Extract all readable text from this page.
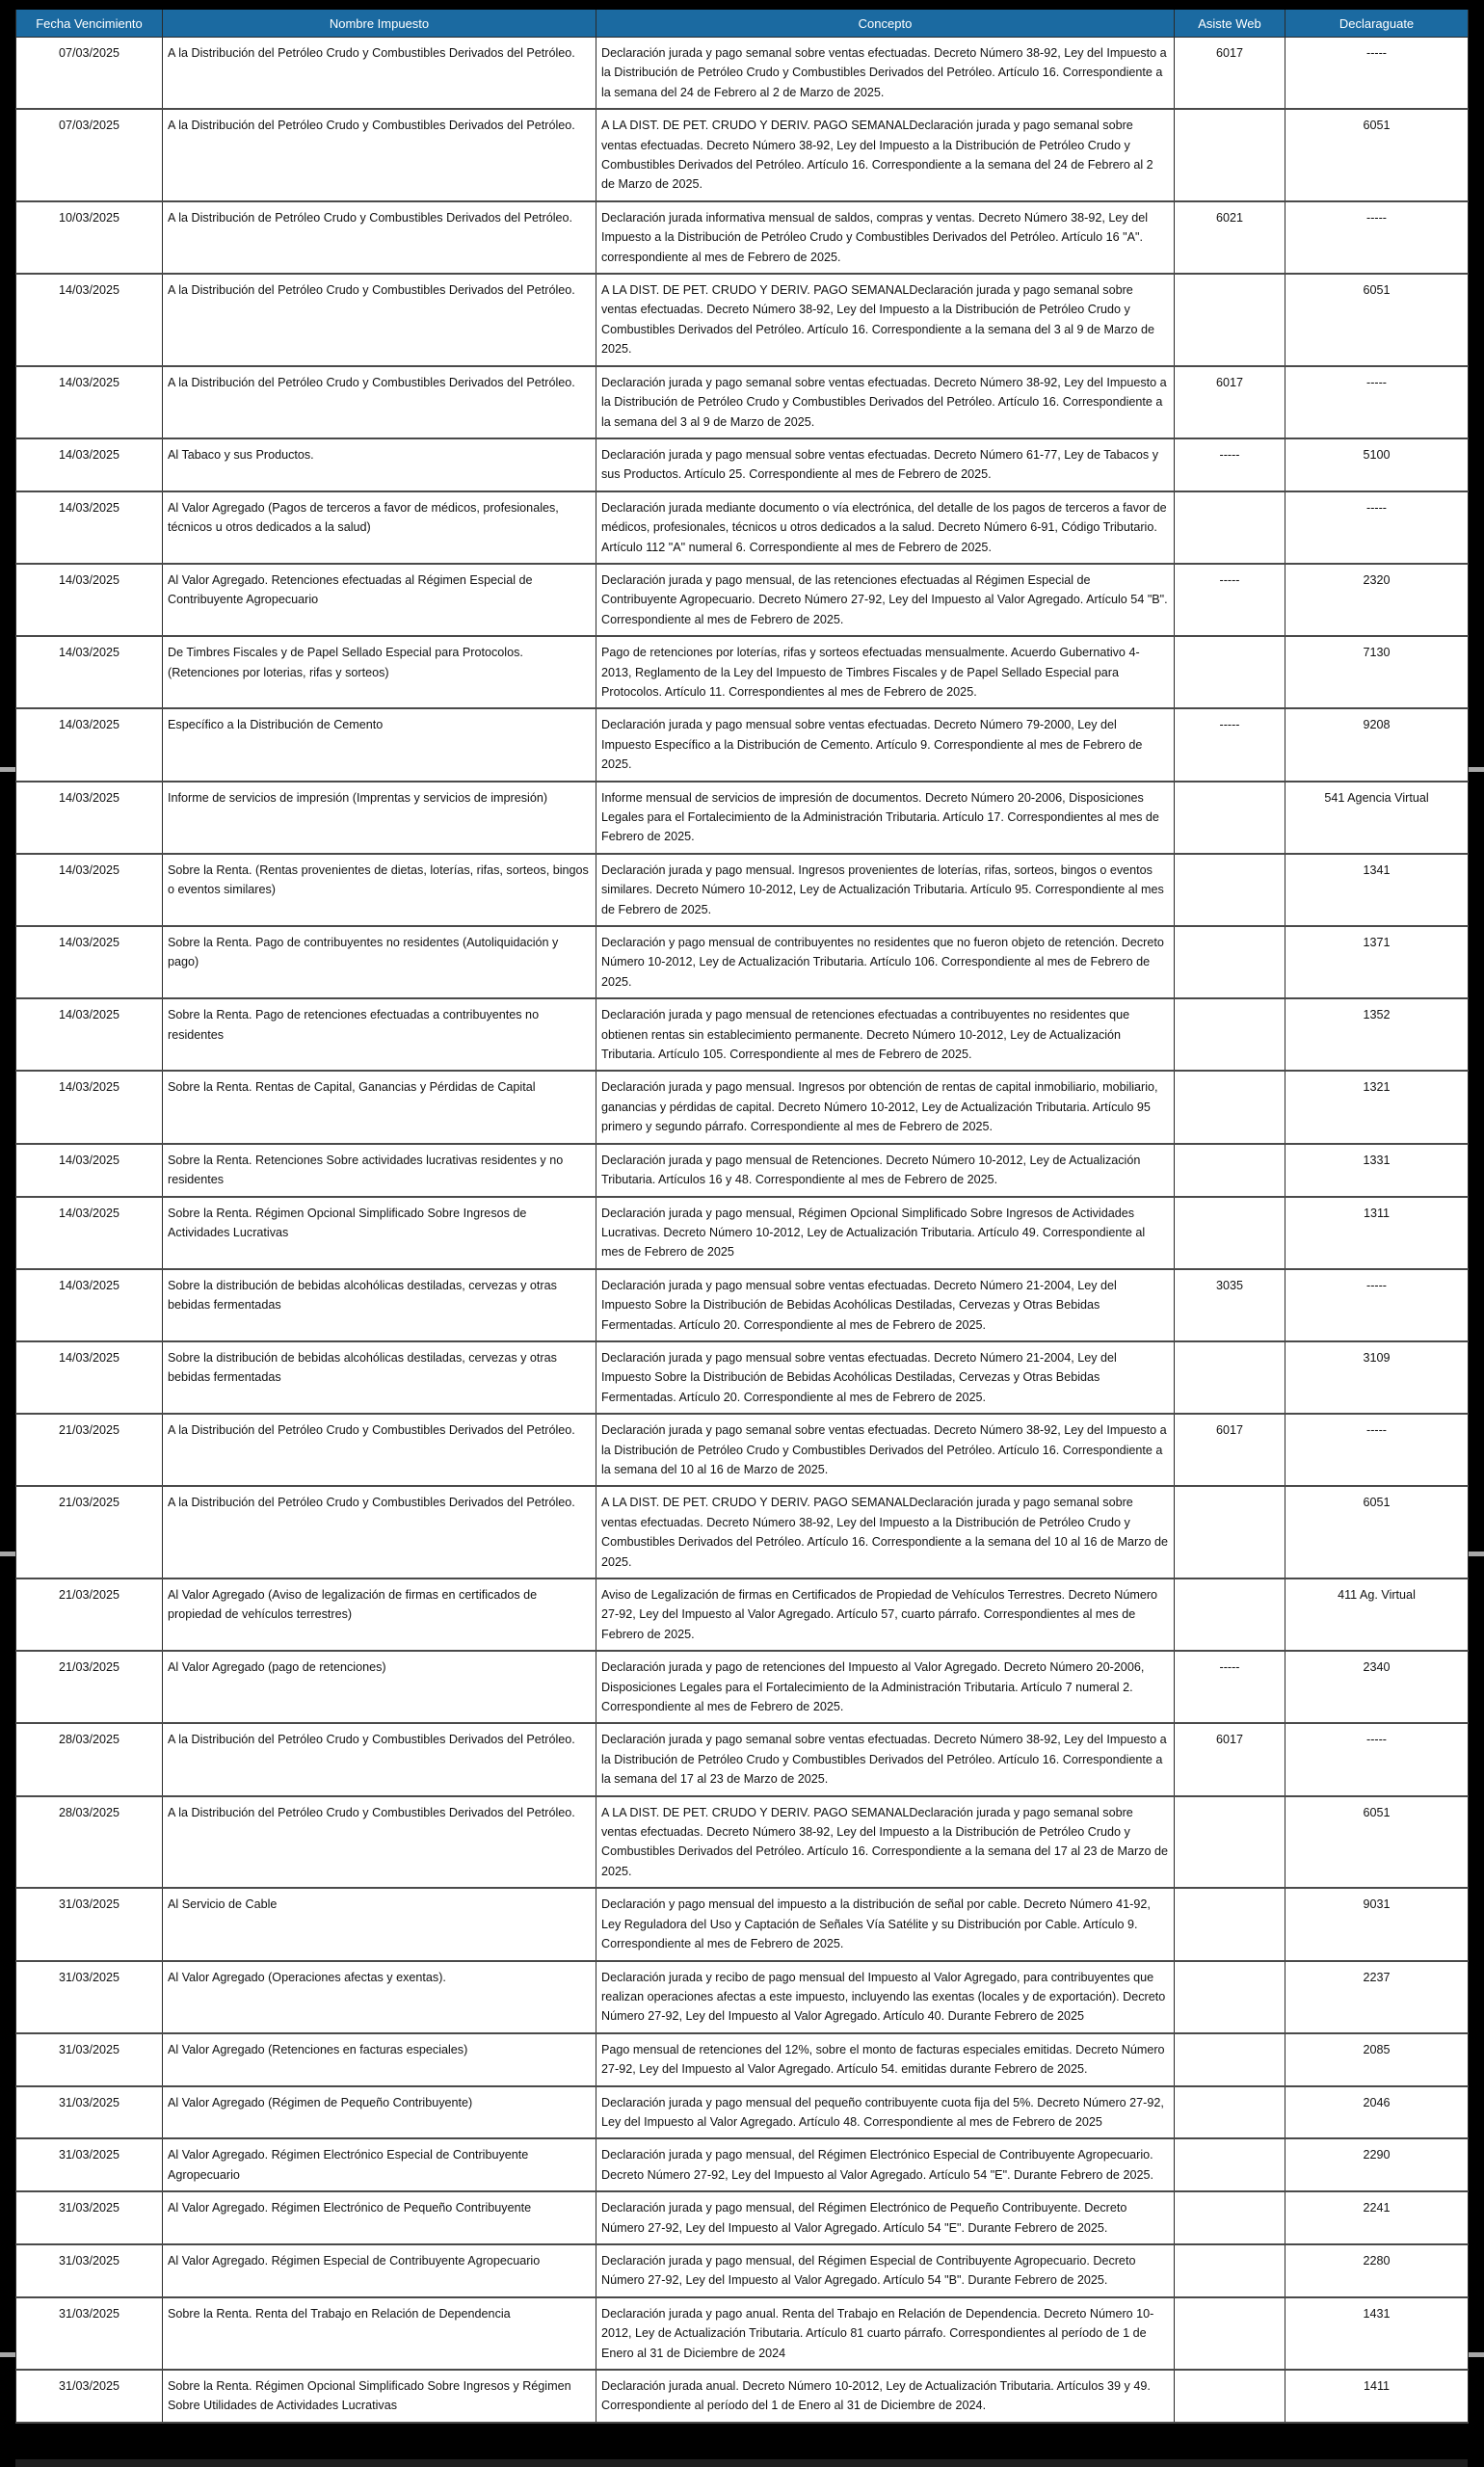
Fecha Vencimiento	Nombre Impuesto	Concepto	Asiste Web	Declaraguate
07/03/2025	A la Distribución del Petróleo Crudo y Combustibles Derivados del Petróleo.	Declaración jurada y pago semanal sobre ventas efectuadas. Decreto Número 38-92, Ley del Impuesto a la Distribución de Petróleo Crudo y Combustibles Derivados del Petróleo. Artículo 16. Correspondiente a la semana del 24 de Febrero al 2 de Marzo de 2025.	6017	-----
07/03/2025	A la Distribución del Petróleo Crudo y Combustibles Derivados del Petróleo.	A LA DIST. DE PET. CRUDO Y DERIV. PAGO SEMANALDeclaración jurada y pago semanal sobre ventas efectuadas. Decreto Número 38-92, Ley del Impuesto a la Distribución de Petróleo Crudo y Combustibles Derivados del Petróleo. Artículo 16. Correspondiente a la semana del 24 de Febrero al 2 de Marzo de 2025.		6051
10/03/2025	A la Distribución de Petróleo Crudo y Combustibles Derivados del Petróleo.	Declaración jurada informativa mensual de saldos, compras y ventas. Decreto Número 38-92, Ley del Impuesto a la Distribución de Petróleo Crudo y Combustibles Derivados del Petróleo. Artículo 16 "A". correspondiente al mes de Febrero de 2025.	6021	-----
14/03/2025	A la Distribución del Petróleo Crudo y Combustibles Derivados del Petróleo.	A LA DIST. DE PET. CRUDO Y DERIV. PAGO SEMANALDeclaración jurada y pago semanal sobre ventas efectuadas. Decreto Número 38-92, Ley del Impuesto a la Distribución de Petróleo Crudo y Combustibles Derivados del Petróleo. Artículo 16. Correspondiente a la semana del 3 al 9 de Marzo de 2025.		6051
14/03/2025	A la Distribución del Petróleo Crudo y Combustibles Derivados del Petróleo.	Declaración jurada y pago semanal sobre ventas efectuadas. Decreto Número 38-92, Ley del Impuesto a la Distribución de Petróleo Crudo y Combustibles Derivados del Petróleo. Artículo 16. Correspondiente a la semana del 3 al 9 de Marzo de 2025.	6017	-----
14/03/2025	Al Tabaco y sus Productos.	Declaración jurada y pago mensual sobre ventas efectuadas. Decreto Número 61-77, Ley de Tabacos y sus Productos. Artículo 25. Correspondiente al mes de Febrero de 2025.	-----	5100
14/03/2025	Al Valor Agregado (Pagos de terceros a favor de médicos, profesionales, técnicos u otros dedicados a la salud)	Declaración jurada mediante documento o vía electrónica, del detalle de los pagos de terceros a favor de médicos, profesionales, técnicos u otros dedicados a la salud. Decreto Número 6-91, Código Tributario. Artículo 112 "A" numeral 6. Correspondiente al mes de Febrero de 2025.		-----
14/03/2025	Al Valor Agregado. Retenciones efectuadas al Régimen Especial de Contribuyente Agropecuario	Declaración jurada y pago mensual, de las retenciones efectuadas al Régimen Especial de Contribuyente Agropecuario. Decreto Número 27-92, Ley del Impuesto al Valor Agregado. Artículo 54 "B". Correspondiente al mes de Febrero de 2025.	-----	2320
14/03/2025	De Timbres Fiscales y de Papel Sellado Especial para Protocolos. (Retenciones por loterias, rifas y sorteos)	Pago de retenciones por loterías, rifas y sorteos efectuadas mensualmente. Acuerdo Gubernativo 4-2013, Reglamento de la Ley del Impuesto de Timbres Fiscales y de Papel Sellado Especial para Protocolos. Artículo 11. Correspondientes al mes de Febrero de 2025.		7130
14/03/2025	Específico a la Distribución de Cemento	Declaración jurada y pago mensual sobre ventas efectuadas. Decreto Número 79-2000, Ley del Impuesto Específico a la Distribución de Cemento. Artículo 9. Correspondiente al mes de Febrero de 2025.	-----	9208
14/03/2025	Informe de servicios de impresión (Imprentas y servicios de impresión)	Informe mensual de servicios de impresión de documentos. Decreto Número 20-2006, Disposiciones Legales para el Fortalecimiento de la Administración Tributaria. Artículo 17. Correspondientes al mes de Febrero de 2025.		541 Agencia Virtual
14/03/2025	Sobre la Renta. (Rentas provenientes de dietas, loterías, rifas, sorteos, bingos o eventos similares)	Declaración jurada y pago mensual. Ingresos provenientes de loterías, rifas, sorteos, bingos o eventos similares. Decreto Número 10-2012, Ley de Actualización Tributaria. Artículo 95. Correspondiente al mes de Febrero de 2025.		1341
14/03/2025	Sobre la Renta. Pago de contribuyentes no residentes (Autoliquidación y pago)	Declaración y pago mensual de contribuyentes no residentes que no fueron objeto de retención. Decreto Número 10-2012, Ley de Actualización Tributaria. Artículo 106. Correspondiente al mes de Febrero de 2025.		1371
14/03/2025	Sobre la Renta. Pago de retenciones efectuadas a contribuyentes no residentes	Declaración jurada y pago mensual de retenciones efectuadas a contribuyentes no residentes que obtienen rentas sin establecimiento permanente. Decreto Número 10-2012, Ley de Actualización Tributaria. Artículo 105. Correspondiente al mes de Febrero de 2025.		1352
14/03/2025	Sobre la Renta. Rentas de Capital, Ganancias y Pérdidas de Capital	Declaración jurada y pago mensual. Ingresos por obtención de rentas de capital inmobiliario, mobiliario, ganancias y pérdidas de capital. Decreto Número 10-2012, Ley de Actualización Tributaria. Artículo 95 primero y segundo párrafo. Correspondiente al mes de Febrero de 2025.		1321
14/03/2025	Sobre la Renta. Retenciones Sobre actividades lucrativas residentes y no residentes	Declaración jurada y pago mensual de Retenciones. Decreto Número 10-2012, Ley de Actualización Tributaria. Artículos 16 y 48. Correspondiente al mes de Febrero de 2025.		1331
14/03/2025	Sobre la Renta. Régimen Opcional Simplificado Sobre Ingresos de Actividades Lucrativas	Declaración jurada y pago mensual, Régimen Opcional Simplificado Sobre Ingresos de Actividades Lucrativas. Decreto Número 10-2012, Ley de Actualización Tributaria. Artículo 49. Correspondiente al mes de Febrero de 2025		1311
14/03/2025	Sobre la distribución de bebidas alcohólicas destiladas, cervezas y otras bebidas fermentadas	Declaración jurada y pago mensual sobre ventas efectuadas. Decreto Número 21-2004, Ley del Impuesto Sobre la Distribución de Bebidas Acohólicas Destiladas, Cervezas y Otras Bebidas Fermentadas. Artículo 20. Correspondiente al mes de Febrero de 2025.	3035	-----
14/03/2025	Sobre la distribución de bebidas alcohólicas destiladas, cervezas y otras bebidas fermentadas	Declaración jurada y pago mensual sobre ventas efectuadas. Decreto Número 21-2004, Ley del Impuesto Sobre la Distribución de Bebidas Acohólicas Destiladas, Cervezas y Otras Bebidas Fermentadas. Artículo 20. Correspondiente al mes de Febrero de 2025.		3109
21/03/2025	A la Distribución del Petróleo Crudo y Combustibles Derivados del Petróleo.	Declaración jurada y pago semanal sobre ventas efectuadas. Decreto Número 38-92, Ley del Impuesto a la Distribución de Petróleo Crudo y Combustibles Derivados del Petróleo. Artículo 16. Correspondiente a la semana del 10 al 16 de Marzo de 2025.	6017	-----
21/03/2025	A la Distribución del Petróleo Crudo y Combustibles Derivados del Petróleo.	A LA DIST. DE PET. CRUDO Y DERIV. PAGO SEMANALDeclaración jurada y pago semanal sobre ventas efectuadas. Decreto Número 38-92, Ley del Impuesto a la Distribución de Petróleo Crudo y Combustibles Derivados del Petróleo. Artículo 16. Correspondiente a la semana del 10 al 16 de Marzo de 2025.		6051
21/03/2025	Al Valor Agregado (Aviso de legalización de firmas en certificados de propiedad de vehículos terrestres)	Aviso de Legalización de firmas en Certificados de Propiedad de Vehículos Terrestres. Decreto Número 27-92, Ley del Impuesto al Valor Agregado. Artículo 57, cuarto párrafo. Correspondientes al mes de Febrero de 2025.		411 Ag. Virtual
21/03/2025	Al Valor Agregado (pago de retenciones)	Declaración jurada y pago de retenciones del Impuesto al Valor Agregado. Decreto Número 20-2006, Disposiciones Legales para el Fortalecimiento de la Administración Tributaria. Artículo 7 numeral 2. Correspondiente al mes de Febrero de 2025.	-----	2340
28/03/2025	A la Distribución del Petróleo Crudo y Combustibles Derivados del Petróleo.	Declaración jurada y pago semanal sobre ventas efectuadas. Decreto Número 38-92, Ley del Impuesto a la Distribución de Petróleo Crudo y Combustibles Derivados del Petróleo. Artículo 16. Correspondiente a la semana del 17 al 23 de Marzo de 2025.	6017	-----
28/03/2025	A la Distribución del Petróleo Crudo y Combustibles Derivados del Petróleo.	A LA DIST. DE PET. CRUDO Y DERIV. PAGO SEMANALDeclaración jurada y pago semanal sobre ventas efectuadas. Decreto Número 38-92, Ley del Impuesto a la Distribución de Petróleo Crudo y Combustibles Derivados del Petróleo. Artículo 16. Correspondiente a la semana del 17 al 23 de Marzo de 2025.		6051
31/03/2025	Al Servicio de Cable	Declaración y pago mensual del impuesto a la distribución de señal por cable. Decreto Número 41-92, Ley Reguladora del Uso y Captación de Señales Vía Satélite y su Distribución por Cable. Artículo 9. Correspondiente al mes de Febrero de 2025.		9031
31/03/2025	Al Valor Agregado (Operaciones afectas y exentas).	Declaración jurada y recibo de pago mensual del Impuesto al Valor Agregado, para contribuyentes que realizan operaciones afectas a este impuesto, incluyendo las exentas (locales y de exportación). Decreto Número 27-92, Ley del Impuesto al Valor Agregado. Artículo 40. Durante Febrero de 2025		2237
31/03/2025	Al Valor Agregado (Retenciones en facturas especiales)	Pago mensual de retenciones del 12%, sobre el monto de facturas especiales emitidas. Decreto Número 27-92, Ley del Impuesto al Valor Agregado. Artículo 54. emitidas durante Febrero de 2025.		2085
31/03/2025	Al Valor Agregado (Régimen de Pequeño Contribuyente)	Declaración jurada y pago mensual del pequeño contribuyente cuota fija del 5%. Decreto Número 27-92, Ley del Impuesto al Valor Agregado. Artículo 48. Correspondiente al mes de Febrero de 2025		2046
31/03/2025	Al Valor Agregado. Régimen Electrónico Especial de Contribuyente Agropecuario	Declaración jurada y pago mensual, del Régimen Electrónico Especial de Contribuyente Agropecuario. Decreto Número 27-92, Ley del Impuesto al Valor Agregado. Artículo 54 "E". Durante Febrero de 2025.		2290
31/03/2025	Al Valor Agregado. Régimen Electrónico de Pequeño Contribuyente	Declaración jurada y pago mensual, del Régimen Electrónico de Pequeño Contribuyente. Decreto Número 27-92, Ley del Impuesto al Valor Agregado. Artículo 54 "E". Durante Febrero de 2025.		2241
31/03/2025	Al Valor Agregado. Régimen Especial de Contribuyente Agropecuario	Declaración jurada y pago mensual, del Régimen Especial de Contribuyente Agropecuario. Decreto Número 27-92, Ley del Impuesto al Valor Agregado. Artículo 54 "B". Durante Febrero de 2025.		2280
31/03/2025	Sobre la Renta. Renta del Trabajo en Relación de Dependencia	Declaración jurada y pago anual. Renta del Trabajo en Relación de Dependencia. Decreto Número 10-2012, Ley de Actualización Tributaria. Artículo 81 cuarto párrafo. Correspondientes al período de 1 de Enero al 31 de Diciembre de 2024		1431
31/03/2025	Sobre la Renta. Régimen Opcional Simplificado Sobre Ingresos y Régimen Sobre Utilidades de Actividades Lucrativas	Declaración jurada anual. Decreto Número 10-2012, Ley de Actualización Tributaria. Artículos 39 y 49. Correspondiente al período del 1 de Enero al 31 de Diciembre de 2024.		1411
